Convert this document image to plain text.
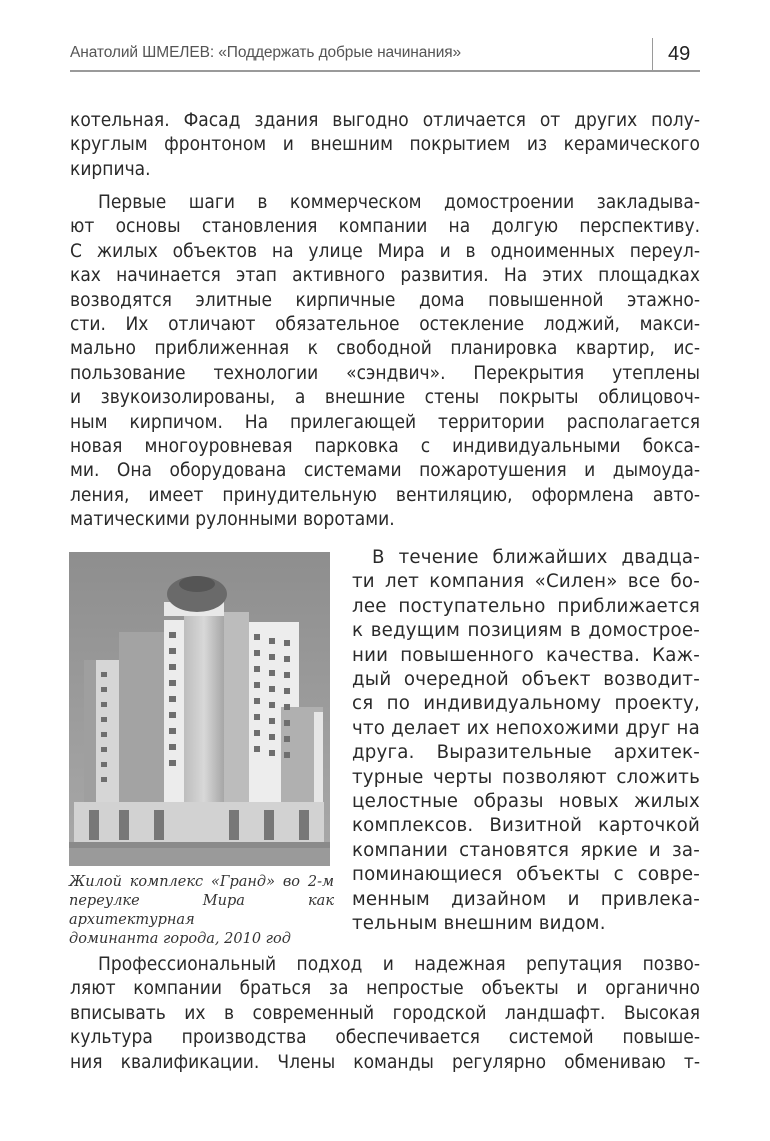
Анатолий ШМЕЛЕВ: «Поддержать добрые начинания»	49
котельная. Фасад здания выгодно отличается от других полу-
круглым фронтоном и внешним покрытием из керамического
кирпича.
Первые шаги в коммерческом домостроении закладыва-
ют основы становления компании на долгую перспективу.
С жилых объектов на улице Мира и в одноименных переул-
ках начинается этап активного развития. На этих площадках
возводятся элитные кирпичные дома повышенной этажно-
сти. Их отличают обязательное остекление лоджий, макси-
мально приближенная к свободной планировка квартир, ис-
пользование технологии «сэндвич». Перекрытия утеплены
и звукоизолированы, а внешние стены покрыты облицовоч-
ным кирпичом. На прилегающей территории располагается
новая многоуровневая парковка с индивидуальными бокса-
ми. Она оборудована системами пожаротушения и дымоуда-
ления, имеет принудительную вентиляцию, оформлена авто-
матическими рулонными воротами.
Жилой комплекс «Гранд» во 2-м
переулке Мира как архитектурная
доминанта города, 2010 год
В течение ближайших двадца-
ти лет компания «Силен» все бо-
лее поступательно приближается
к ведущим позициям в домострое-
нии повышенного качества. Каж-
дый очередной объект возводит-
ся по индивидуальному проекту,
что делает их непохожими друг на
друга. Выразительные архитек-
турные черты позволяют сложить
целостные образы новых жилых
комплексов. Визитной карточкой
компании становятся яркие и за-
поминающиеся объекты с совре-
менным дизайном и привлека-
тельным внешним видом.
Профессиональный подход и надежная репутация позво-
ляют компании браться за непростые объекты и органично
вписывать их в современный городской ландшафт. Высокая
культура производства обеспечивается системой повыше-
ния квалификации. Члены команды регулярно обмениваю т-
